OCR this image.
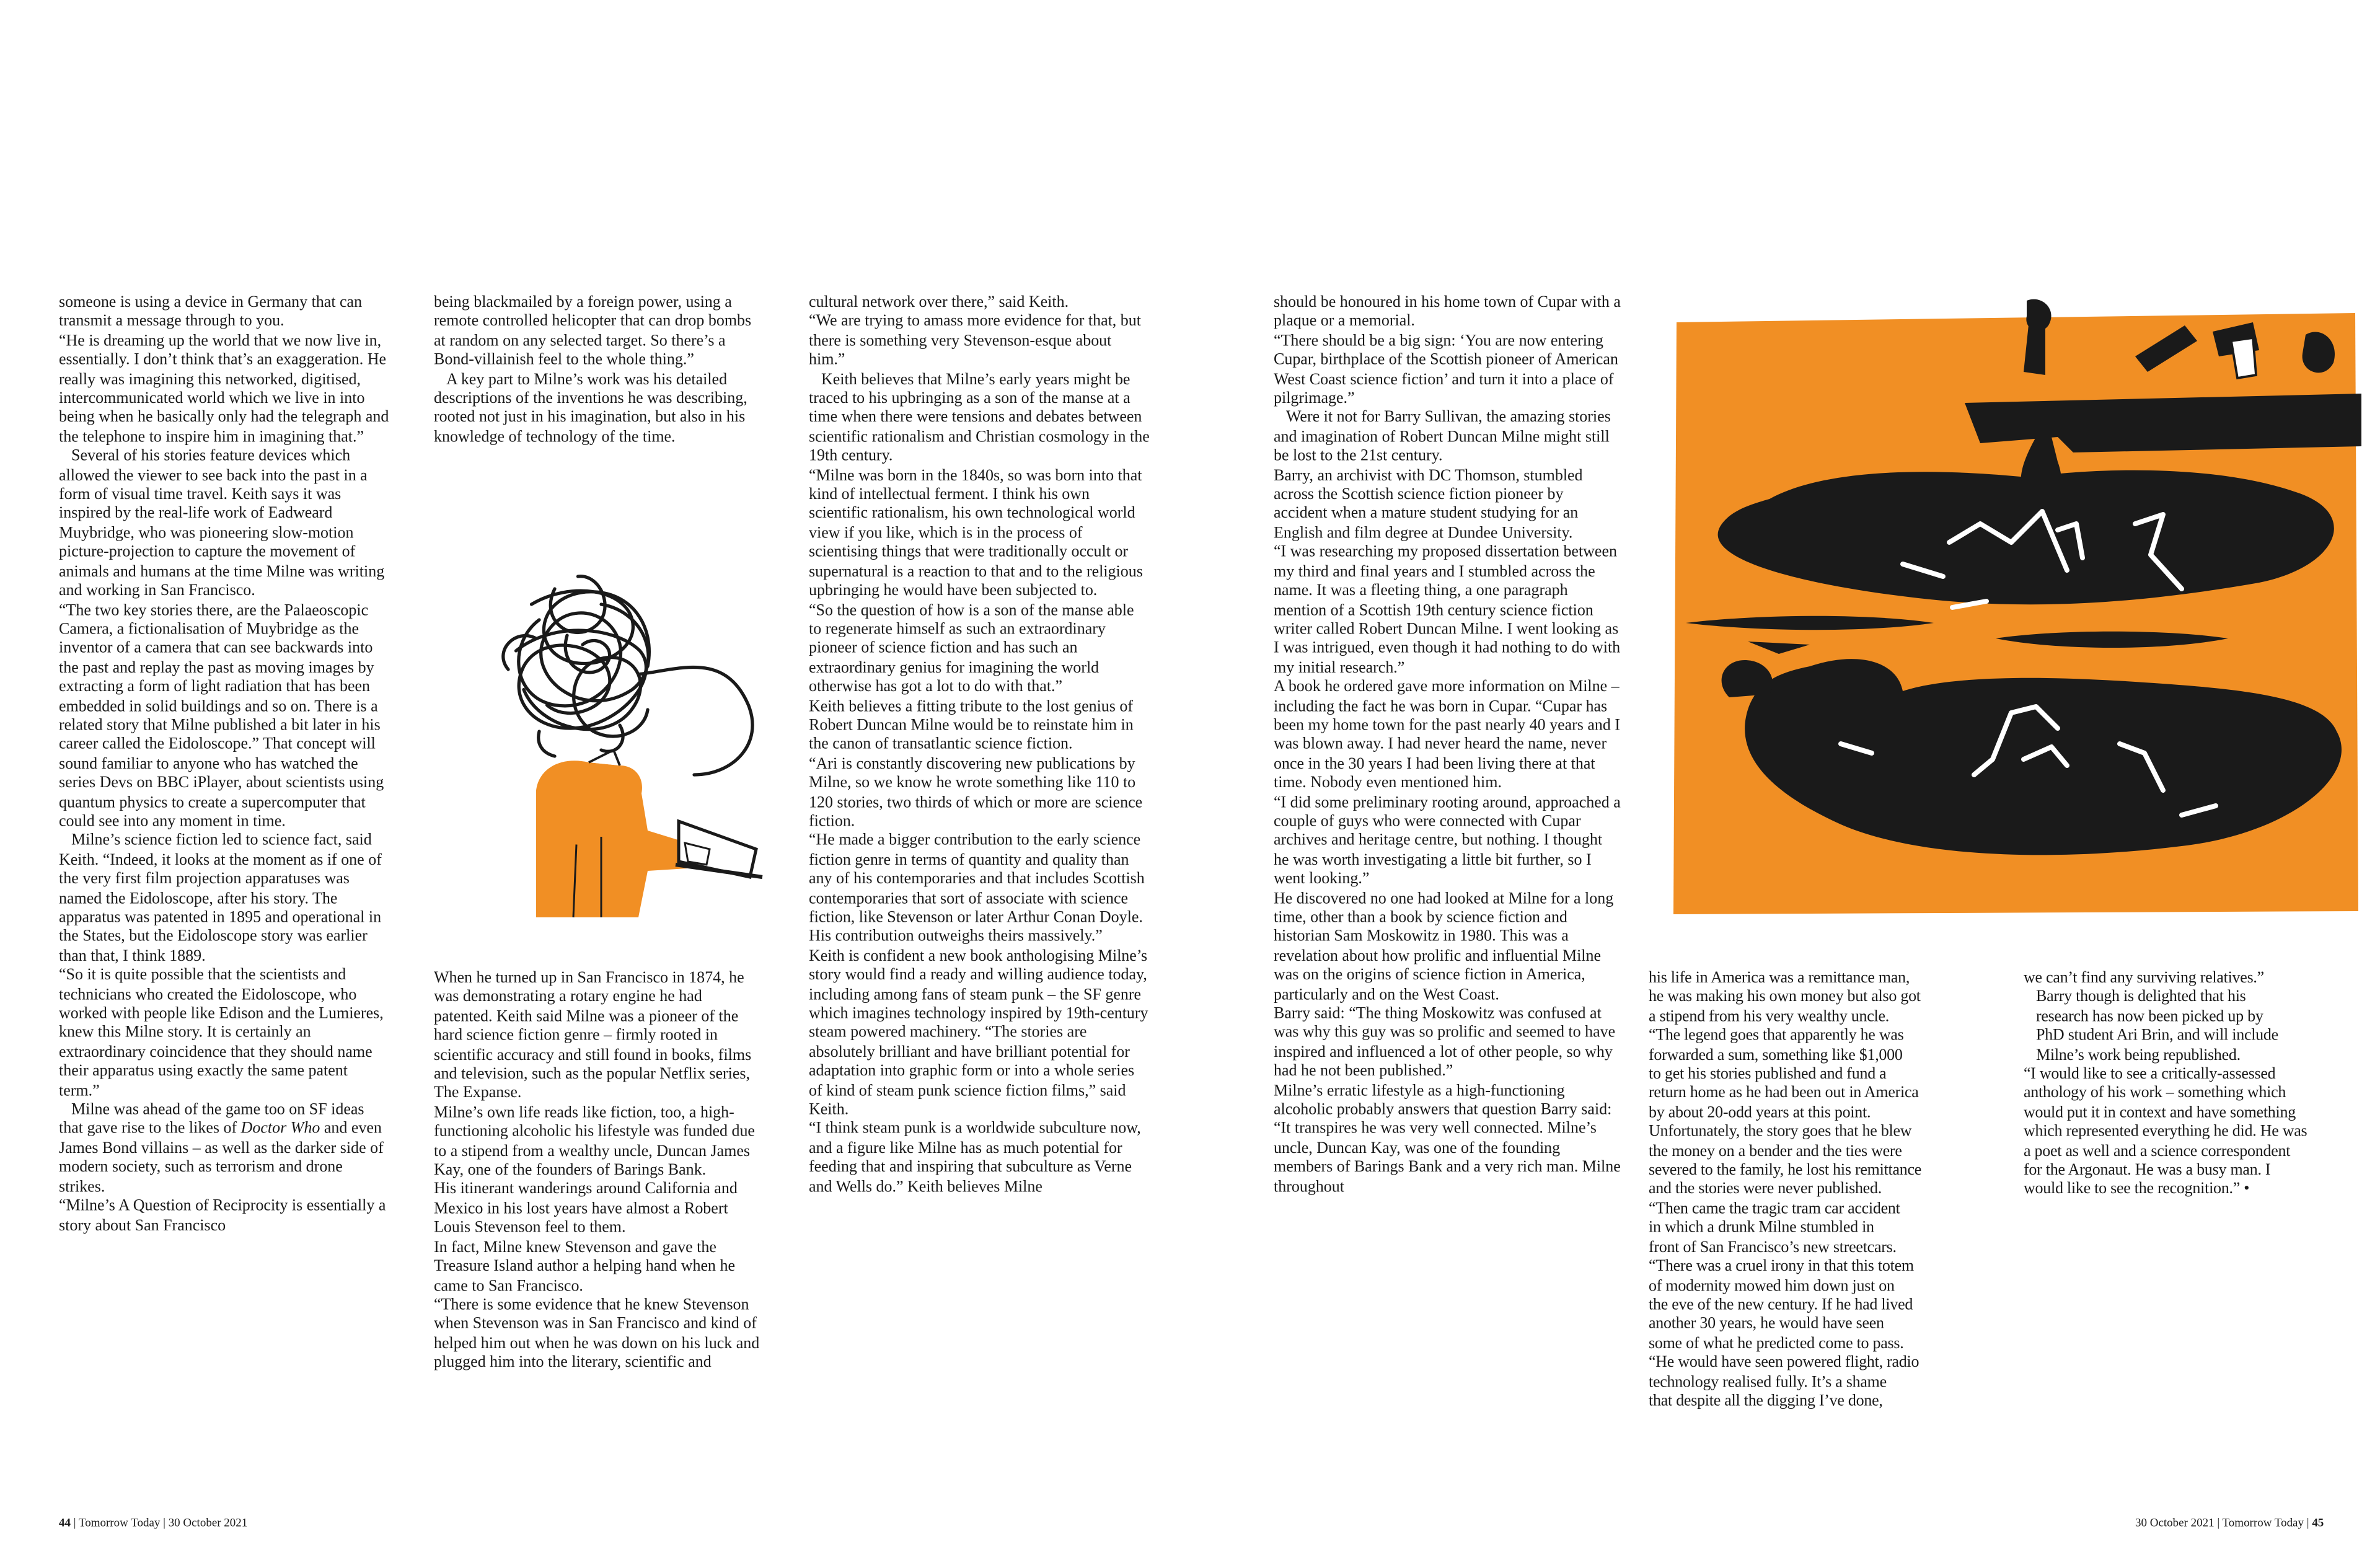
someone is using a device in Germany that can transmit a message through to you.

“He is dreaming up the world that we now live in, essentially. I don’t think that’s an exaggeration. He really was imagining this networked, digitised, intercommunicated world which we live in into being when he basically only had the telegraph and the telephone to inspire him in imagining that.”

Several of his stories feature devices which allowed the viewer to see back into the past in a form of visual time travel. Keith says it was inspired by the real-life work of Eadweard Muybridge, who was pioneering slow-motion picture-projection to capture the movement of animals and humans at the time Milne was writing and working in San Francisco.

“The two key stories there, are the Palaeoscopic Camera, a fictionalisation of Muybridge as the inventor of a camera that can see backwards into the past and replay the past as moving images by extracting a form of light radiation that has been embedded in solid buildings and so on. There is a related story that Milne published a bit later in his career called the Eidoloscope.” That concept will sound familiar to anyone who has watched the series Devs on BBC iPlayer, about scientists using quantum physics to create a supercomputer that could see into any moment in time.

Milne’s science fiction led to science fact, said Keith. “Indeed, it looks at the moment as if one of the very first film projection apparatuses was named the Eidoloscope, after his story. The apparatus was patented in 1895 and operational in the States, but the Eidoloscope story was earlier than that, I think 1889.

“So it is quite possible that the scientists and technicians who created the Eidoloscope, who worked with people like Edison and the Lumieres, knew this Milne story. It is certainly an extraordinary coincidence that they should name their apparatus using exactly the same patent term.”

Milne was ahead of the game too on SF ideas that gave rise to the likes of Doctor Who and even James Bond villains – as well as the darker side of modern society, such as terrorism and drone strikes.

“Milne’s A Question of Reciprocity is essentially a story about San Francisco

being blackmailed by a foreign power, using a remote controlled helicopter that can drop bombs at random on any selected target. So there’s a Bond-villainish feel to the whole thing.”

A key part to Milne’s work was his detailed descriptions of the inventions he was describing, rooted not just in his imagination, but also in his knowledge of technology of the time.

When he turned up in San Francisco in 1874, he was demonstrating a rotary engine he had patented. Keith said Milne was a pioneer of the hard science fiction genre – firmly rooted in scientific accuracy and still found in books, films and television, such as the popular Netflix series, The Expanse.

Milne’s own life reads like fiction, too, a high-functioning alcoholic his lifestyle was funded due to a stipend from a wealthy uncle, Duncan James Kay, one of the founders of Barings Bank.

His itinerant wanderings around California and Mexico in his lost years have almost a Robert Louis Stevenson feel to them.

In fact, Milne knew Stevenson and gave the Treasure Island author a helping hand when he came to San Francisco.

“There is some evidence that he knew Stevenson when Stevenson was in San Francisco and kind of helped him out when he was down on his luck and plugged him into the literary, scientific and

cultural network over there,” said Keith.

“We are trying to amass more evidence for that, but there is something very Stevenson-esque about him.”

Keith believes that Milne’s early years might be traced to his upbringing as a son of the manse at a time when there were tensions and debates between scientific rationalism and Christian cosmology in the 19th century.

“Milne was born in the 1840s, so was born into that kind of intellectual ferment. I think his own scientific rationalism, his own technological world view if you like, which is in the process of scientising things that were traditionally occult or supernatural is a reaction to that and to the religious upbringing he would have been subjected to.

“So the question of how is a son of the manse able to regenerate himself as such an extraordinary pioneer of science fiction and has such an extraordinary genius for imagining the world otherwise has got a lot to do with that.”

Keith believes a fitting tribute to the lost genius of Robert Duncan Milne would be to reinstate him in the canon of transatlantic science fiction.

“Ari is constantly discovering new publications by Milne, so we know he wrote something like 110 to 120 stories, two thirds of which or more are science fiction.

“He made a bigger contribution to the early science fiction genre in terms of quantity and quality than any of his contemporaries and that includes Scottish contemporaries that sort of associate with science fiction, like Stevenson or later Arthur Conan Doyle. His contribution outweighs theirs massively.”

Keith is confident a new book anthologising Milne’s story would find a ready and willing audience today, including among fans of steam punk – the SF genre which imagines technology inspired by 19th-century steam powered machinery. “The stories are absolutely brilliant and have brilliant potential for adaptation into graphic form or into a whole series of kind of steam punk science fiction films,” said Keith.

“I think steam punk is a worldwide subculture now, and a figure like Milne has as much potential for feeding that and inspiring that subculture as Verne and Wells do.” Keith believes Milne

should be honoured in his home town of Cupar with a plaque or a memorial.

“There should be a big sign: ‘You are now entering Cupar, birthplace of the Scottish pioneer of American West Coast science fiction’ and turn it into a place of pilgrimage.”

Were it not for Barry Sullivan, the amazing stories and imagination of Robert Duncan Milne might still be lost to the 21st century.

Barry, an archivist with DC Thomson, stumbled across the Scottish science fiction pioneer by accident when a mature student studying for an English and film degree at Dundee University.

“I was researching my proposed dissertation between my third and final years and I stumbled across the name. It was a fleeting thing, a one paragraph mention of a Scottish 19th century science fiction writer called Robert Duncan Milne. I went looking as I was intrigued, even though it had nothing to do with my initial research.”

A book he ordered gave more information on Milne – including the fact he was born in Cupar. “Cupar has been my home town for the past nearly 40 years and I was blown away. I had never heard the name, never once in the 30 years I had been living there at that time. Nobody even mentioned him.

“I did some preliminary rooting around, approached a couple of guys who were connected with Cupar archives and heritage centre, but nothing. I thought he was worth investigating a little bit further, so I went looking.”

He discovered no one had looked at Milne for a long time, other than a book by science fiction and historian Sam Moskowitz in 1980. This was a revelation about how prolific and influential Milne was on the origins of science fiction in America, particularly and on the West Coast.

Barry said: “The thing Moskowitz was confused at was why this guy was so prolific and seemed to have inspired and influenced a lot of other people, so why had he not been published.”

Milne’s erratic lifestyle as a high-functioning alcoholic probably answers that question Barry said: “It transpires he was very well connected. Milne’s uncle, Duncan Kay, was one of the founding members of Barings Bank and a very rich man. Milne throughout

his life in America was a remittance man,
he was making his own money but also got
a stipend from his very wealthy uncle.

“The legend goes that apparently he was
forwarded a sum, something like $1,000
to get his stories published and fund a
return home as he had been out in America
by about 20-odd years at this point.
Unfortunately, the story goes that he blew
the money on a bender and the ties were
severed to the family, he lost his remittance
and the stories were never published.

“Then came the tragic tram car accident
in which a drunk Milne stumbled in
front of San Francisco’s new streetcars.

“There was a cruel irony in that this totem
of modernity mowed him down just on
the eve of the new century. If he had lived
another 30 years, he would have seen
some of what he predicted come to pass.

“He would have seen powered flight, radio
technology realised fully. It’s a shame
that despite all the digging I’ve done,

we can’t find any surviving relatives.”

Barry though is delighted that his
research has now been picked up by
PhD student Ari Brin, and will include
Milne’s work being republished.

“I would like to see a critically-assessed
anthology of his work – something which
would put it in context and have something
which represented everything he did. He was
a poet as well and a science correspondent
for the Argonaut. He was a busy man. I
would like to see the recognition.” •

44 | Tomorrow Today | 30 October 2021	30 October 2021 | Tomorrow Today | 45
